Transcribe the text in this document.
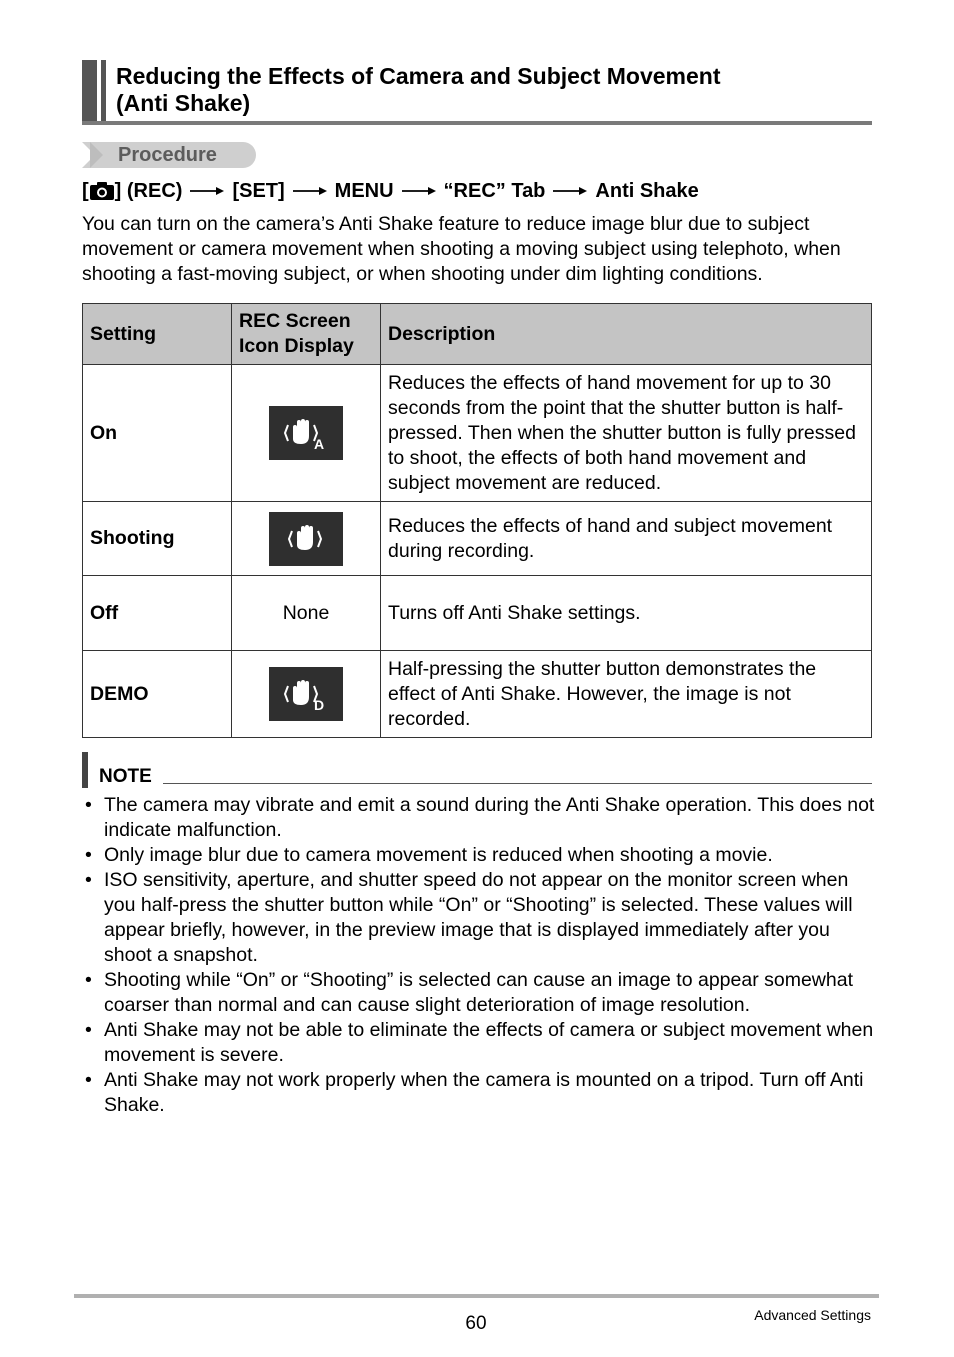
Reducing the Effects of Camera and Subject Movement
(Anti Shake)
Procedure
[ ] (REC)	[SET]	MENU	“REC” Tab	Anti Shake
You can turn on the camera’s Anti Shake feature to reduce image blur due to subject movement or camera movement when shooting a moving subject using telephoto, when shooting a fast-moving subject, or when shooting under dim lighting conditions.
Setting	REC Screen Icon Display	Description
On	A	Reduces the effects of hand movement for up to 30 seconds from the point that the shutter button is half-pressed. Then when the shutter button is fully pressed to shoot, the effects of both hand movement and subject movement are reduced.
Shooting		Reduces the effects of hand and subject movement during recording.
Off	None	Turns off Anti Shake settings.
DEMO	D	Half-pressing the shutter button demonstrates the effect of Anti Shake. However, the image is not recorded.
NOTE
• The camera may vibrate and emit a sound during the Anti Shake operation. This does not indicate malfunction.
• Only image blur due to camera movement is reduced when shooting a movie.
• ISO sensitivity, aperture, and shutter speed do not appear on the monitor screen when you half-press the shutter button while “On” or “Shooting” is selected. These values will appear briefly, however, in the preview image that is displayed immediately after you shoot a snapshot.
• Shooting while “On” or “Shooting” is selected can cause an image to appear somewhat coarser than normal and can cause slight deterioration of image resolution.
• Anti Shake may not be able to eliminate the effects of camera or subject movement when movement is severe.
• Anti Shake may not work properly when the camera is mounted on a tripod. Turn off Anti Shake.
60	Advanced Settings
